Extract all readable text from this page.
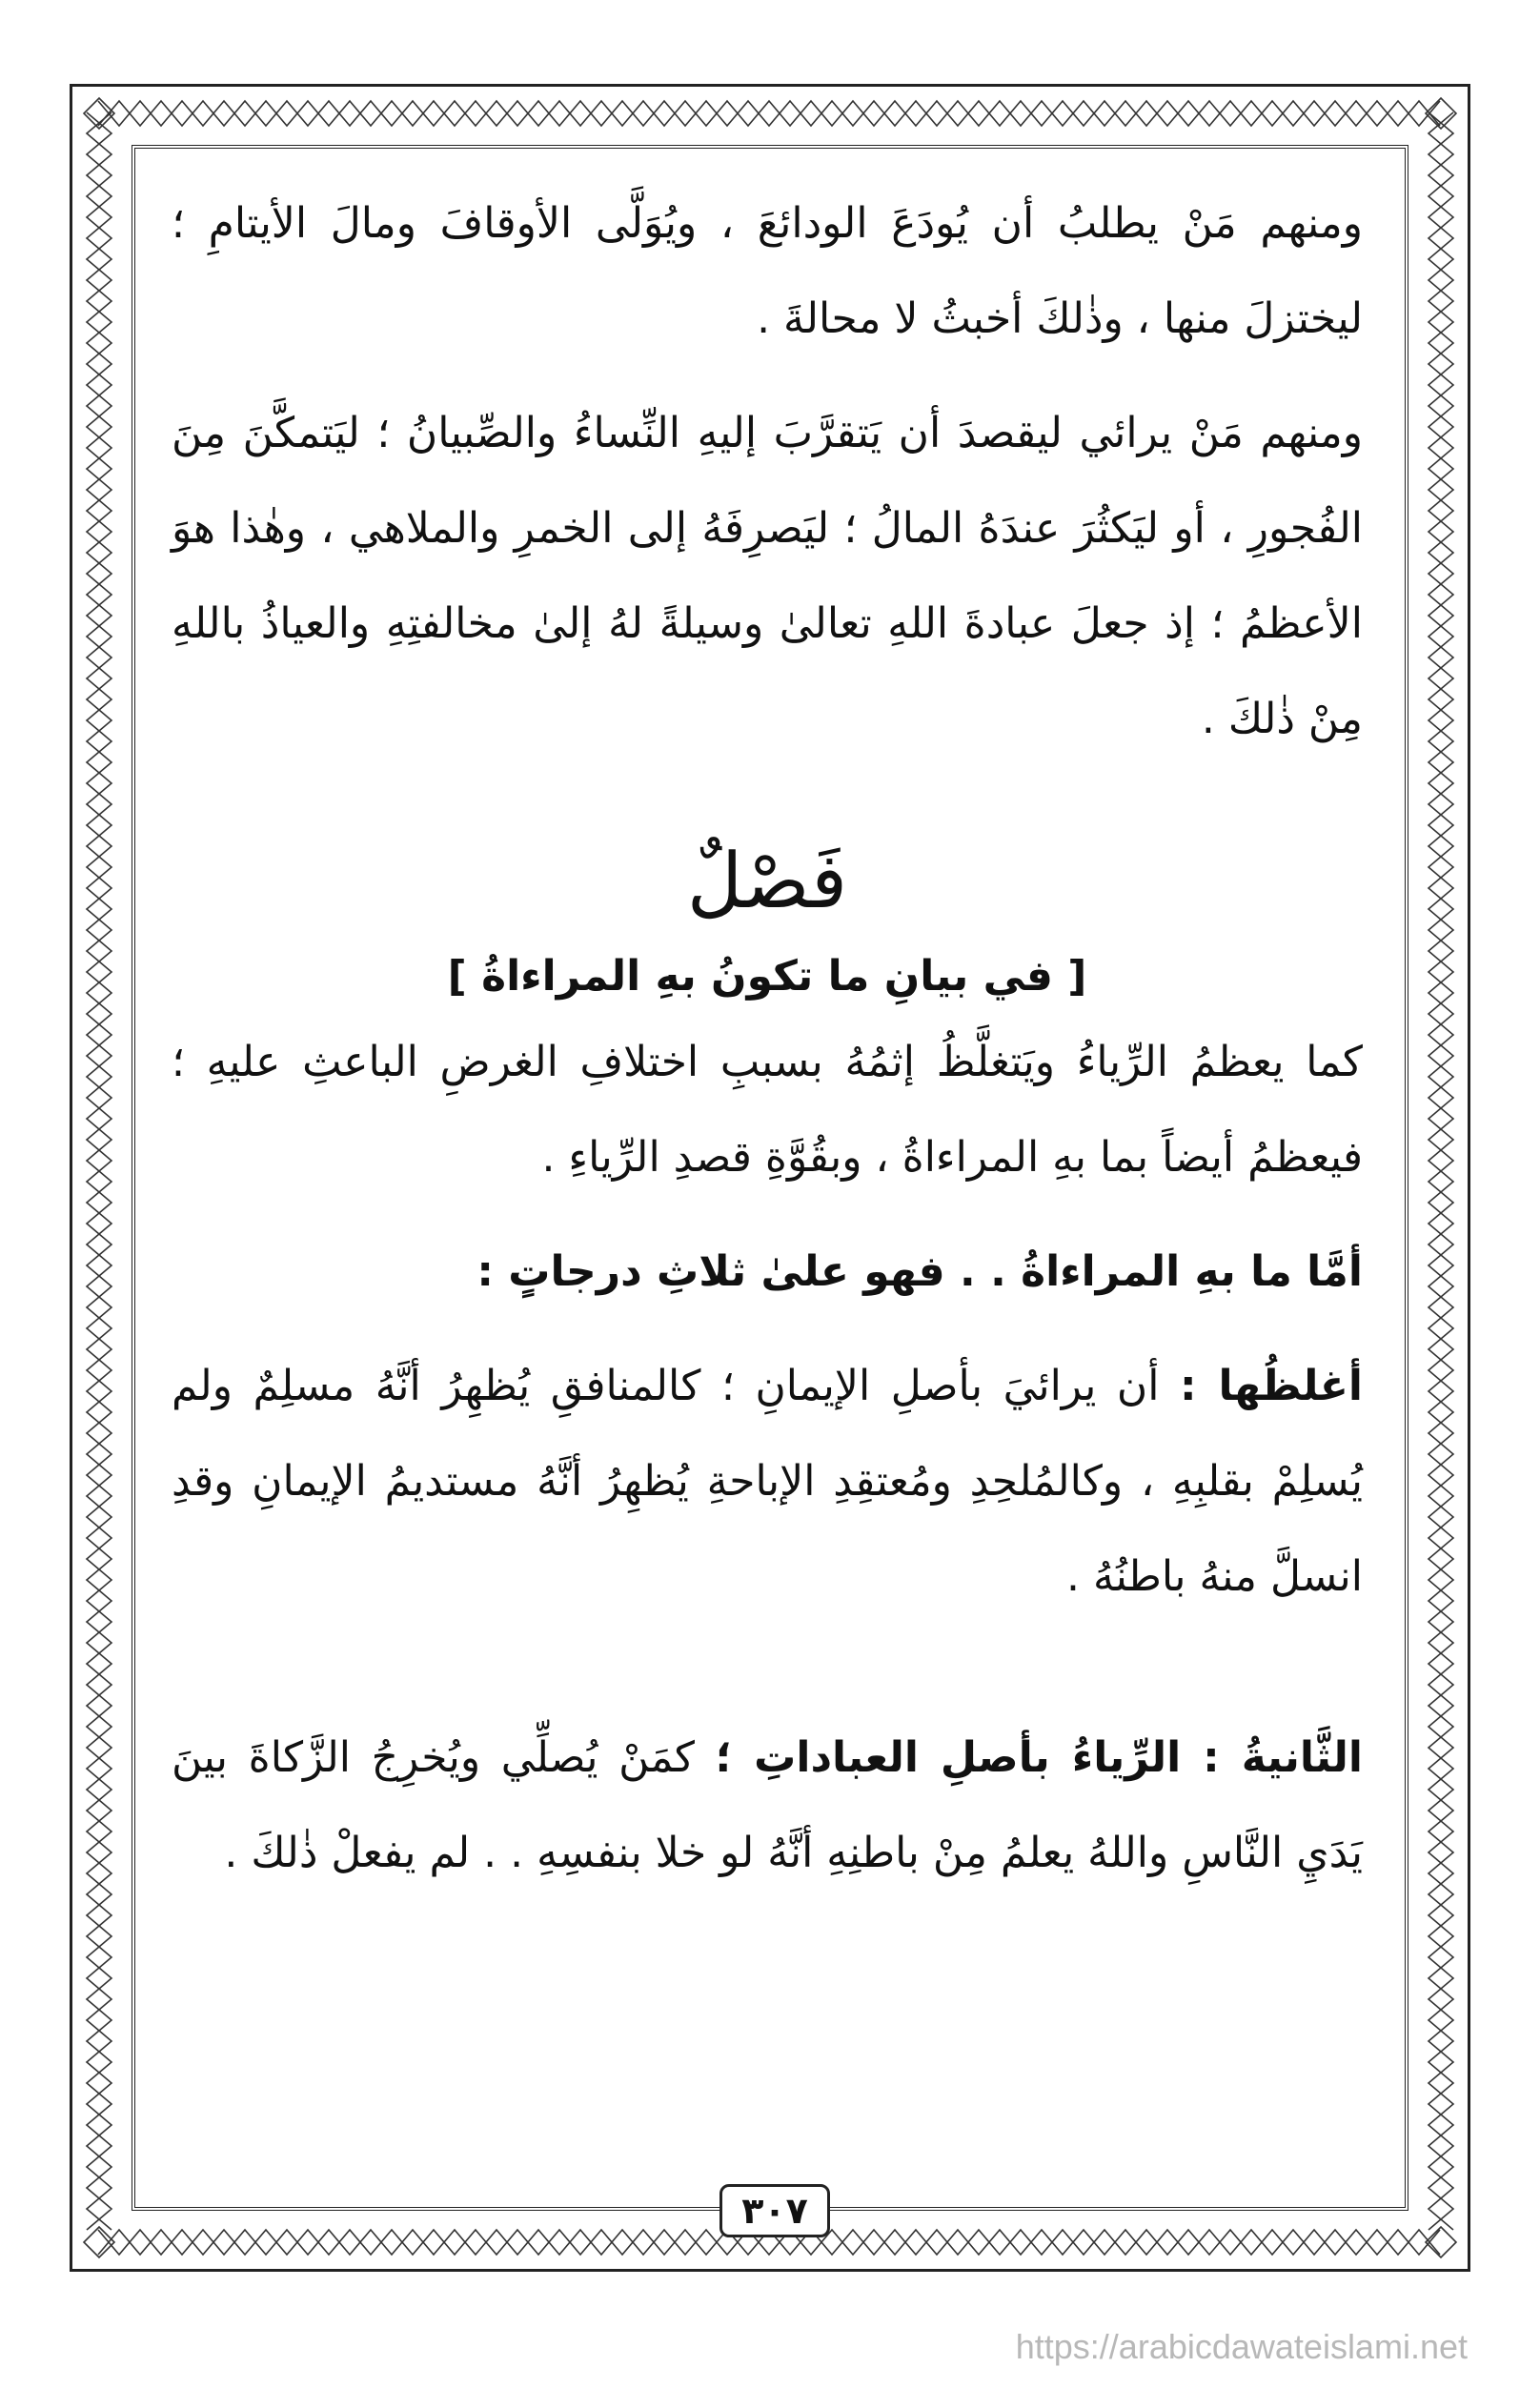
ومنهم مَنْ يطلبُ أن يُودَعَ الودائعَ ، ويُوَلَّى الأوقافَ ومالَ الأيتامِ ؛ ليختزلَ منها ، وذٰلكَ أخبثُ لا محالةَ .

ومنهم مَنْ يرائي ليقصدَ أن يَتقرَّبَ إليهِ النِّساءُ والصِّبيانُ ؛ ليَتمكَّنَ مِنَ الفُجورِ ، أو ليَكثُرَ عندَهُ المالُ ؛ ليَصرِفَهُ إلى الخمرِ والملاهي ، وهٰذا هوَ الأعظمُ ؛ إذ جعلَ عبادةَ اللهِ تعالىٰ وسيلةً لهُ إلىٰ مخالفتِهِ والعياذُ باللهِ مِنْ ذٰلكَ .

فَصْلٌ
[ في بيانِ ما تكونُ بهِ المراءاةُ ]

كما يعظمُ الرِّياءُ ويَتغلَّظُ إثمُهُ بسببِ اختلافِ الغرضِ الباعثِ عليهِ ؛ فيعظمُ أيضاً بما بهِ المراءاةُ ، وبقُوَّةِ قصدِ الرِّياءِ .

أمَّا ما بهِ المراءاةُ . . فهو علىٰ ثلاثِ درجاتٍ :

أغلظُها : أن يرائيَ بأصلِ الإيمانِ ؛ كالمنافقِ يُظهِرُ أنَّهُ مسلِمٌ ولم يُسلِمْ بقلبِهِ ، وكالمُلحِدِ ومُعتقِدِ الإباحةِ يُظهِرُ أنَّهُ مستديمُ الإيمانِ وقدِ انسلَّ منهُ باطنُهُ .

الثَّانيةُ : الرِّياءُ بأصلِ العباداتِ ؛ كمَنْ يُصلِّي ويُخرِجُ الزَّكاةَ بينَ يَدَيِ النَّاسِ واللهُ يعلمُ مِنْ باطنِهِ أنَّهُ لو خلا بنفسِهِ . . لم يفعلْ ذٰلكَ .

٣٠٧
https://arabicdawateislami.net
